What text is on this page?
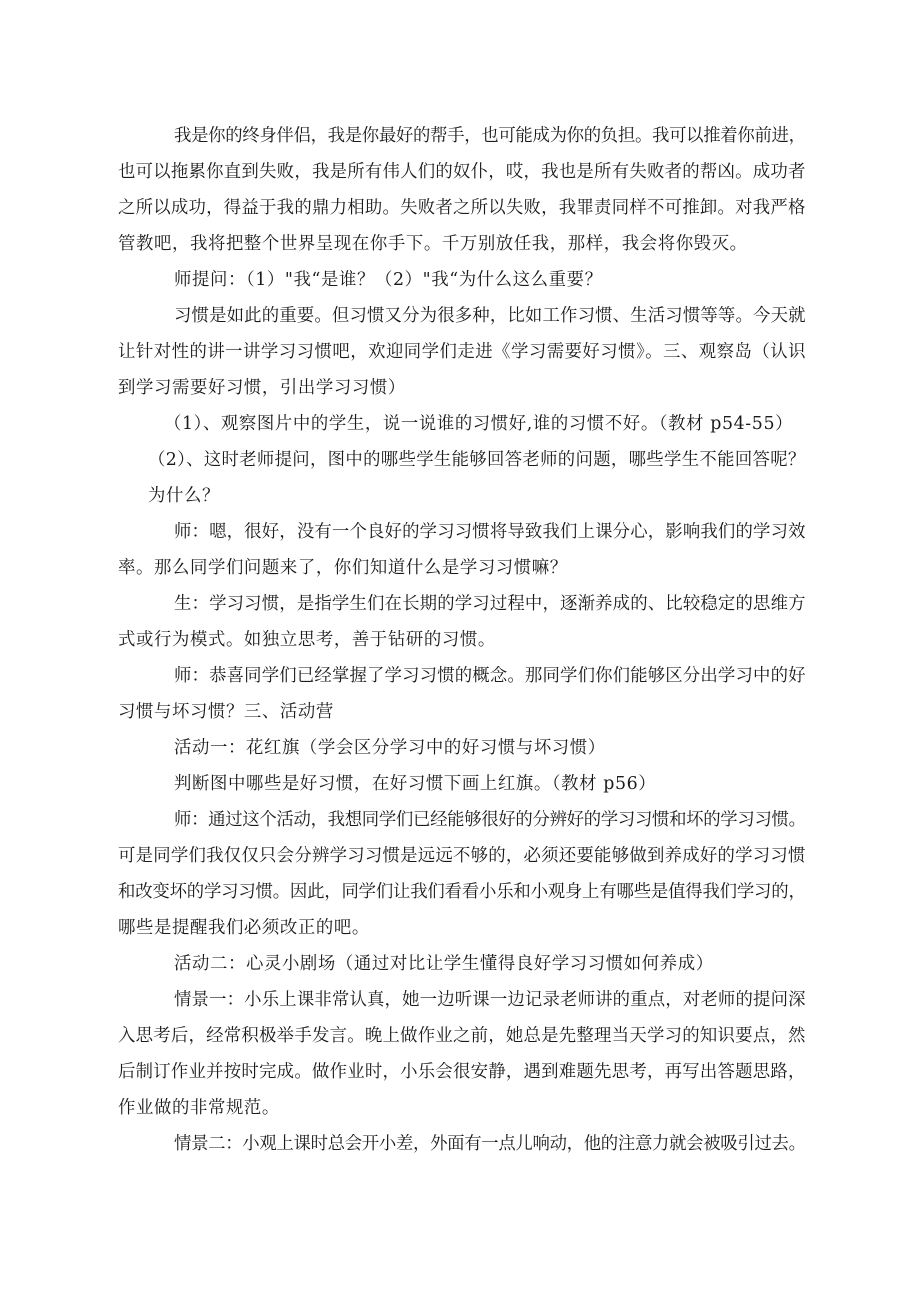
我是你的终身伴侣，我是你最好的帮手，也可能成为你的负担。我可以推着你前进，
也可以拖累你直到失败，我是所有伟人们的奴仆，哎，我也是所有失败者的帮凶。成功者
之所以成功，得益于我的鼎力相助。失败者之所以失败，我罪责同样不可推卸。对我严格
管教吧，我将把整个世界呈现在你手下。千万别放任我，那样，我会将你毁灭。
师提问：（1）"我“是谁？（2）"我“为什么这么重要？
习惯是如此的重要。但习惯又分为很多种，比如工作习惯、生活习惯等等。今天就
让针对性的讲一讲学习习惯吧，欢迎同学们走进《学习需要好习惯》。三、观察岛（认识
到学习需要好习惯，引出学习习惯）
（1）、观察图片中的学生，说一说谁的习惯好,谁的习惯不好。（教材 p54-55）
（2）、这时老师提问，图中的哪些学生能够回答老师的问题，哪些学生不能回答呢？
为什么？
师：嗯，很好，没有一个良好的学习习惯将导致我们上课分心，影响我们的学习效
率。那么同学们问题来了，你们知道什么是学习习惯嘛？
生：学习习惯，是指学生们在长期的学习过程中，逐渐养成的、比较稳定的思维方
式或行为模式。如独立思考，善于钻研的习惯。
师：恭喜同学们已经掌握了学习习惯的概念。那同学们你们能够区分出学习中的好
习惯与坏习惯？三、活动营
活动一：花红旗（学会区分学习中的好习惯与坏习惯）
判断图中哪些是好习惯，在好习惯下画上红旗。（教材 p56）
师：通过这个活动，我想同学们已经能够很好的分辨好的学习习惯和坏的学习习惯。
可是同学们我仅仅只会分辨学习习惯是远远不够的，必须还要能够做到养成好的学习习惯
和改变坏的学习习惯。因此，同学们让我们看看小乐和小观身上有哪些是值得我们学习的，
哪些是提醒我们必须改正的吧。
活动二：心灵小剧场（通过对比让学生懂得良好学习习惯如何养成）
情景一：小乐上课非常认真，她一边听课一边记录老师讲的重点，对老师的提问深
入思考后，经常积极举手发言。晚上做作业之前，她总是先整理当天学习的知识要点，然
后制订作业并按时完成。做作业时，小乐会很安静，遇到难题先思考，再写出答题思路，
作业做的非常规范。
情景二：小观上课时总会开小差，外面有一点儿响动，他的注意力就会被吸引过去。
